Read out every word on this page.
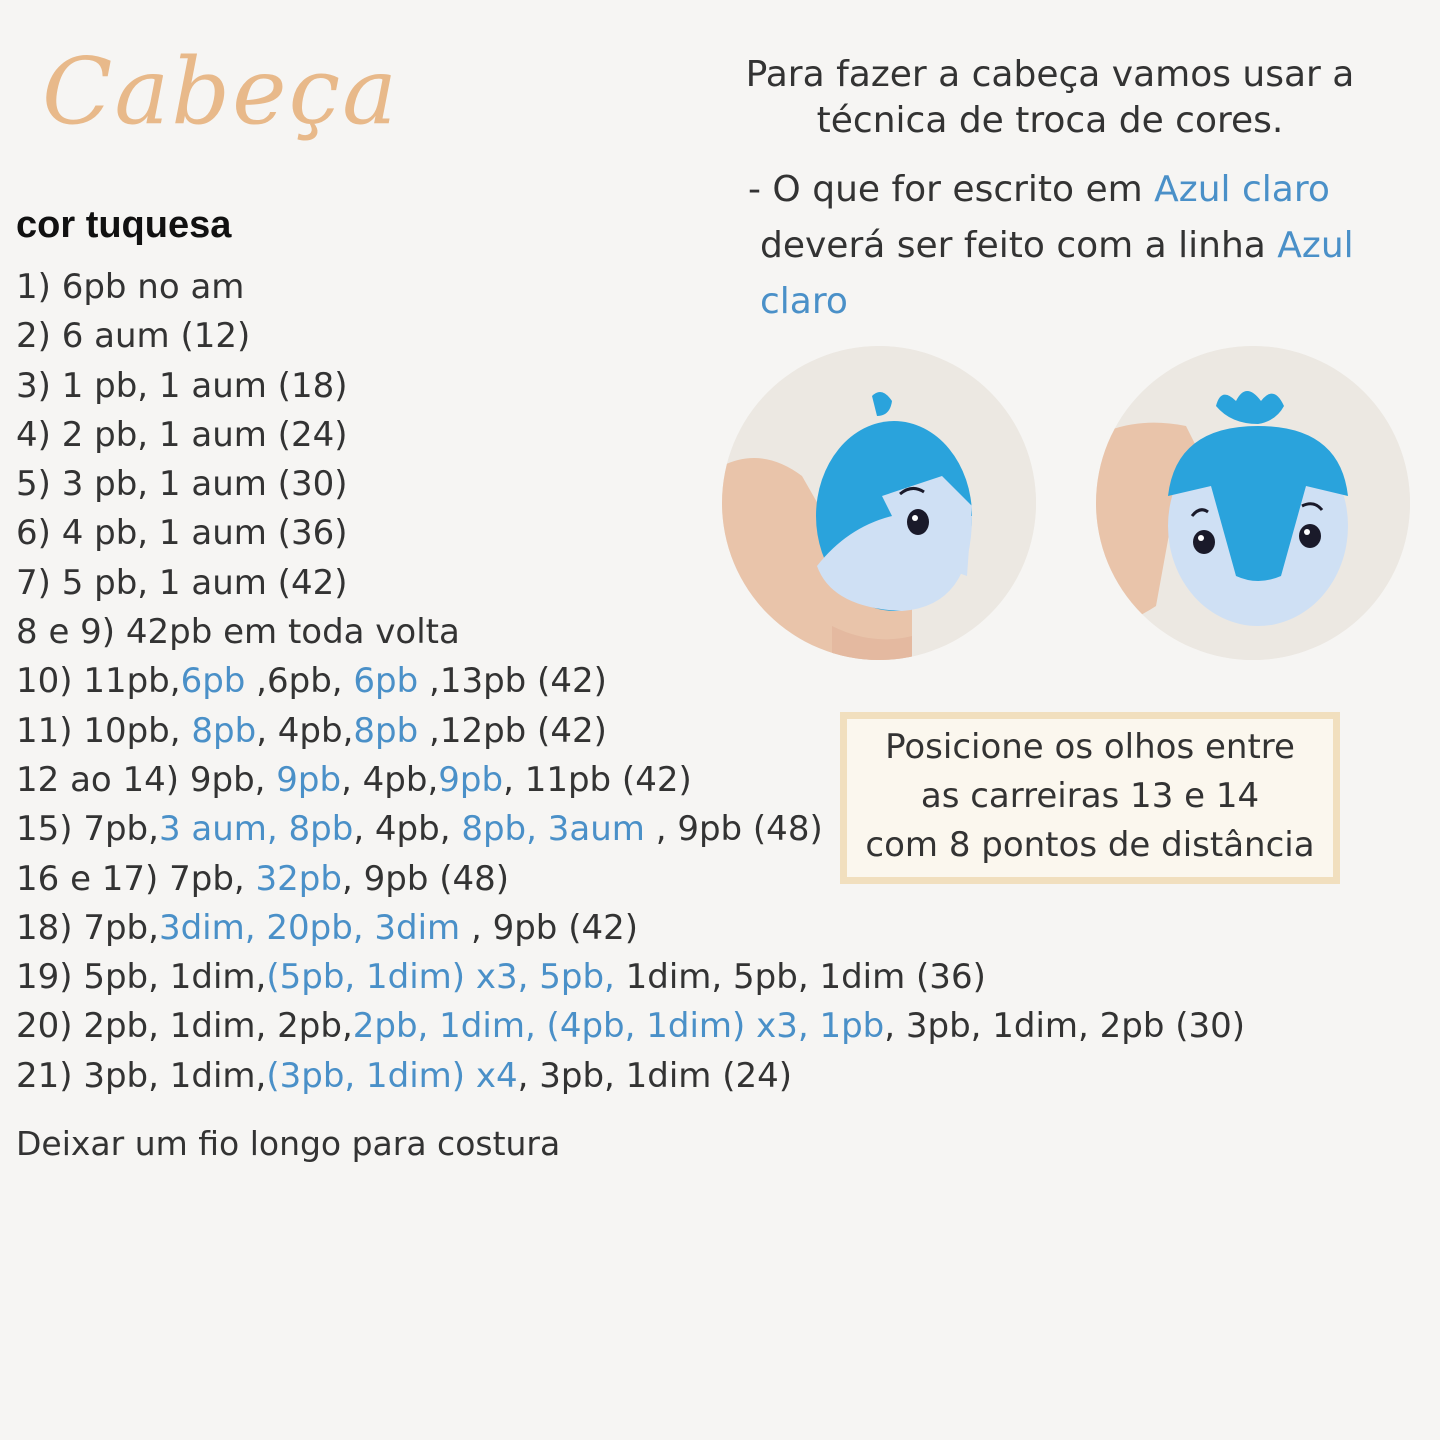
Cabeça
cor tuquesa
1) 6pb no am
2) 6 aum (12)
3) 1 pb, 1 aum (18)
4) 2 pb, 1 aum (24)
5) 3 pb, 1 aum (30)
6) 4 pb, 1 aum (36)
7) 5 pb, 1 aum (42)
8 e 9) 42pb em toda volta
10) 11pb,6pb ,6pb, 6pb ,13pb (42)
11) 10pb, 8pb, 4pb,8pb ,12pb (42)
12 ao 14) 9pb, 9pb, 4pb,9pb, 11pb (42)
15) 7pb,3 aum, 8pb, 4pb, 8pb, 3aum , 9pb (48)
16 e 17) 7pb, 32pb, 9pb (48)
18) 7pb,3dim, 20pb, 3dim , 9pb (42)
19) 5pb, 1dim,(5pb, 1dim) x3, 5pb, 1dim, 5pb, 1dim (36)
20) 2pb, 1dim, 2pb,2pb, 1dim, (4pb, 1dim) x3, 1pb, 3pb, 1dim, 2pb (30)
21) 3pb, 1dim,(3pb, 1dim) x4, 3pb, 1dim (24)
Deixar um fio longo para costura
Para fazer a cabeça vamos usar a
técnica de troca de cores.
- O que for escrito em Azul claro
deverá ser feito com a linha Azul claro
Posicione os olhos entre
as carreiras 13 e 14
com 8 pontos de distância
